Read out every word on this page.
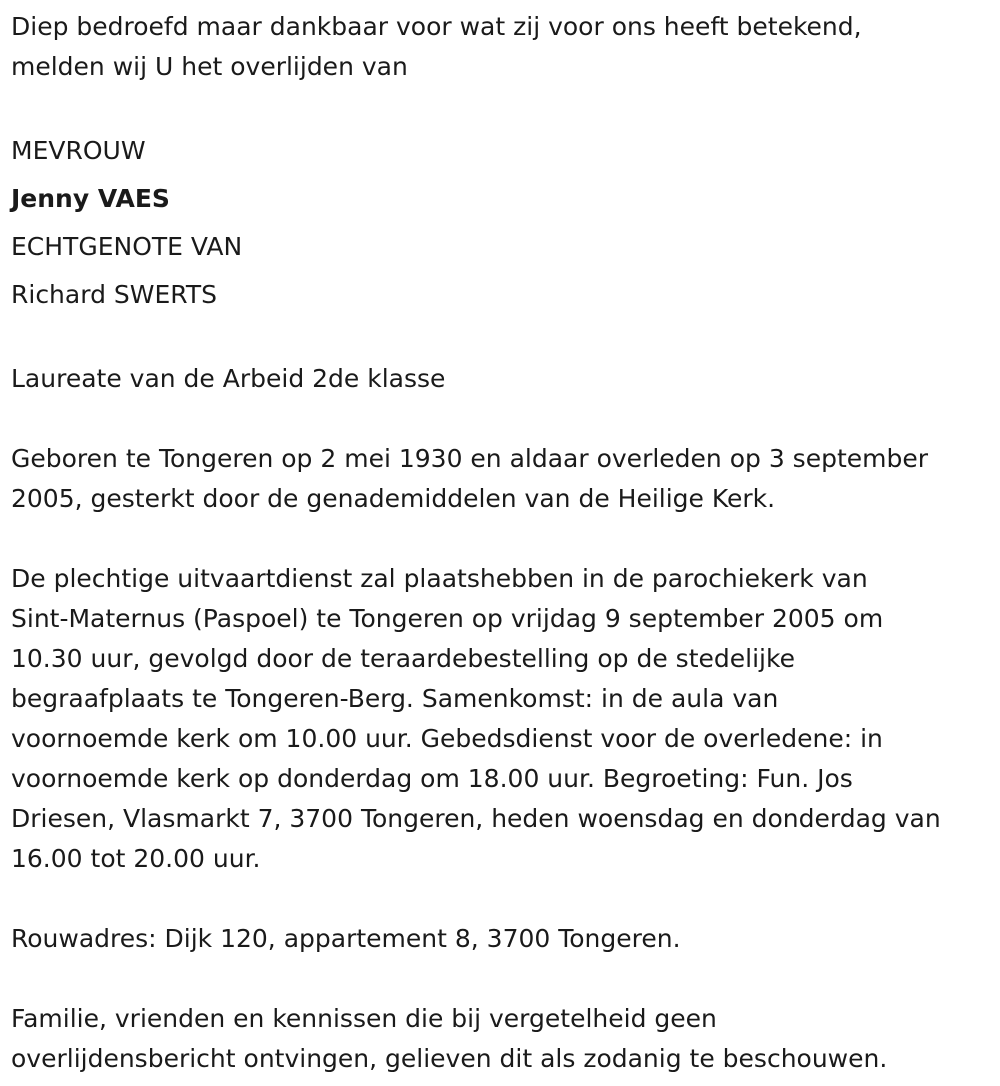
Diep bedroefd maar dankbaar voor wat zij voor ons heeft betekend,

melden wij U het overlijden van

MEVROUW

Jenny VAES

ECHTGENOTE VAN

Richard SWERTS

Laureate van de Arbeid 2de klasse

Geboren te Tongeren op 2 mei 1930 en aldaar overleden op 3 september

2005, gesterkt door de genademiddelen van de Heilige Kerk.

De plechtige uitvaartdienst zal plaatshebben in de parochiekerk van

Sint-Maternus (Paspoel) te Tongeren op vrijdag 9 september 2005 om

10.30 uur, gevolgd door de teraardebestelling op de stedelijke

begraafplaats te Tongeren-Berg. Samenkomst: in de aula van

voornoemde kerk om 10.00 uur. Gebedsdienst voor de overledene: in

voornoemde kerk op donderdag om 18.00 uur. Begroeting: Fun. Jos

Driesen, Vlasmarkt 7, 3700 Tongeren, heden woensdag en donderdag van

16.00 tot 20.00 uur.

Rouwadres: Dijk 120, appartement 8, 3700 Tongeren.

Familie, vrienden en kennissen die bij vergetelheid geen

overlijdensbericht ontvingen, gelieven dit als zodanig te beschouwen.
